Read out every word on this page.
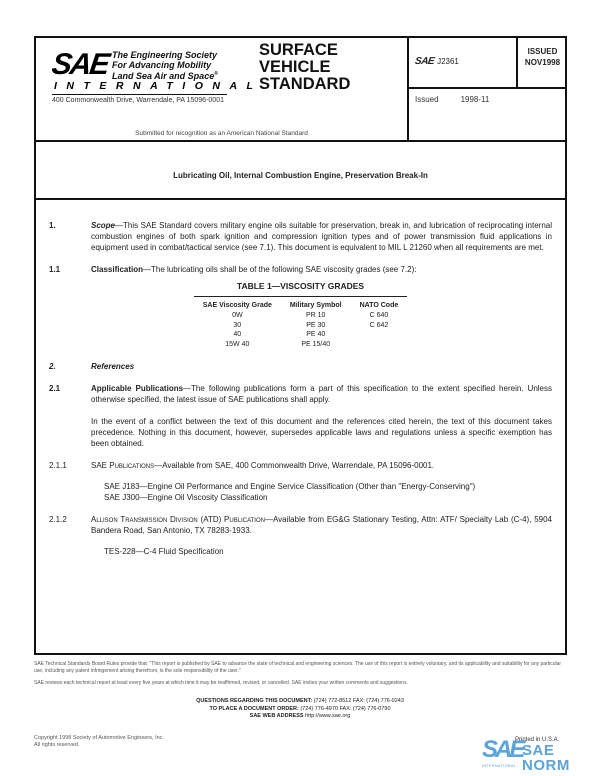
SAE The Engineering Society
For Advancing Mobility
Land Sea Air and Space®
INTERNATIONAL
400 Commonwealth Drive, Warrendale, PA 15096-0001
SURFACE
VEHICLE
STANDARD
Submitted for recognition as an American National Standard
SAE J2361
ISSUED
NOV1998
Issued	1998-11
Lubricating Oil, Internal Combustion Engine, Preservation Break-In
1.	Scope—This SAE Standard covers military engine oils suitable for preservation, break in, and lubrication of reciprocating internal combustion engines of both spark ignition and compression ignition types and of power transmission fluid applications in equipment used in combat/tactical service (see 7.1). This document is equivalent to MIL L 21260 when all requirements are met.
1.1	Classification—The lubricating oils shall be of the following SAE viscosity grades (see 7.2):
TABLE 1—VISCOSITY GRADES
SAE Viscosity Grade	Military Symbol	NATO Code
0W	PR 10	C 640
30	PE 30	C 642
40	PE 40	
15W 40	PE 15/40	
2.	References
2.1	Applicable Publications—The following publications form a part of this specification to the extent specified herein. Unless otherwise specified, the latest issue of SAE publications shall apply.
In the event of a conflict between the text of this document and the references cited herein, the text of this document takes precedence. Nothing in this document, however, supersedes applicable laws and regulations unless a specific exemption has been obtained.
2.1.1	SAE Publications—Available from SAE, 400 Commonwealth Drive, Warrendale, PA 15096-0001.
SAE J183—Engine Oil Performance and Engine Service Classification (Other than "Energy-Conserving")
SAE J300—Engine Oil Viscosity Classification
2.1.2	Allison Transmission Division (ATD) Publication—Available from EG&G Stationary Testing, Attn: ATF/ Specialty Lab (C-4), 5904 Bandera Road, San Antonio, TX 78283-1933.
TES-228—C-4 Fluid Specification

SAE Technical Standards Board Rules provide that: "This report is published by SAE to advance the state of technical and engineering sciences. The use of this report is entirely voluntary, and its applicability and suitability for any particular use, including any patent infringement arising therefrom, is the sole responsibility of the user."

SAE reviews each technical report at least every five years at which time it may be reaffirmed, revised, or cancelled. SAE invites your written comments and suggestions.

QUESTIONS REGARDING THIS DOCUMENT: (724) 772-8512 FAX: (724) 776-0243
TO PLACE A DOCUMENT ORDER: (724) 776-4970 FAX: (724) 776-0790
SAE WEB ADDRESS http://www.sae.org
Copyright 1998 Society of Automotive Engineers, Inc.
All rights reserved.	SAE SAE NORM
INTERNATIONAL
Printed in U.S.A.
